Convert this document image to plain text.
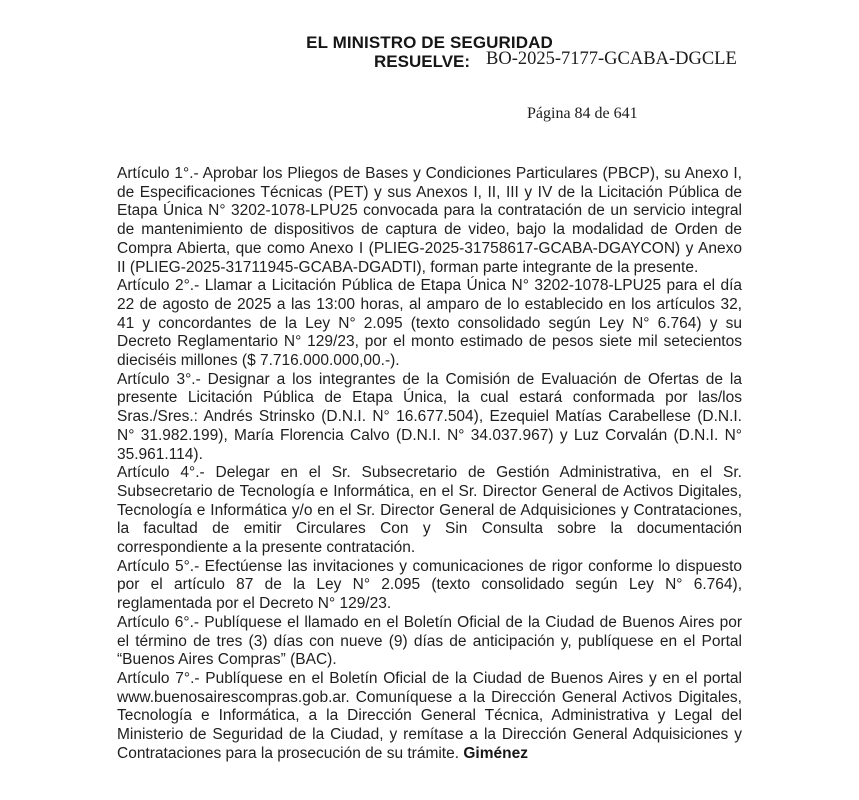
EL MINISTRO DE SEGURIDAD
RESUELVE: BO-2025-7177-GCABA-DGCLE
Página 84 de 641

Artículo 1°.- Aprobar los Pliegos de Bases y Condiciones Particulares (PBCP), su Anexo I, de Especificaciones Técnicas (PET) y sus Anexos I, II, III y IV de la Licitación Pública de Etapa Única N° 3202-1078-LPU25 convocada para la contratación de un servicio integral de mantenimiento de dispositivos de captura de video, bajo la modalidad de Orden de Compra Abierta, que como Anexo I (PLIEG-2025-31758617-GCABA-DGAYCON) y Anexo II (PLIEG-2025-31711945-GCABA-DGADTI), forman parte integrante de la presente.

Artículo 2°.- Llamar a Licitación Pública de Etapa Única N° 3202-1078-LPU25 para el día 22 de agosto de 2025 a las 13:00 horas, al amparo de lo establecido en los artículos 32, 41 y concordantes de la Ley N° 2.095 (texto consolidado según Ley N° 6.764) y su Decreto Reglamentario N° 129/23, por el monto estimado de pesos siete mil setecientos dieciséis millones ($ 7.716.000.000,00.-).

Artículo 3°.- Designar a los integrantes de la Comisión de Evaluación de Ofertas de la presente Licitación Pública de Etapa Única, la cual estará conformada por las/los Sras./Sres.: Andrés Strinsko (D.N.I. N° 16.677.504), Ezequiel Matías Carabellese (D.N.I. N° 31.982.199), María Florencia Calvo (D.N.I. N° 34.037.967) y Luz Corvalán (D.N.I. N° 35.961.114).

Artículo 4°.- Delegar en el Sr. Subsecretario de Gestión Administrativa, en el Sr. Subsecretario de Tecnología e Informática, en el Sr. Director General de Activos Digitales, Tecnología e Informática y/o en el Sr. Director General de Adquisiciones y Contrataciones, la facultad de emitir Circulares Con y Sin Consulta sobre la documentación correspondiente a la presente contratación.

Artículo 5°.- Efectúense las invitaciones y comunicaciones de rigor conforme lo dispuesto por el artículo 87 de la Ley N° 2.095 (texto consolidado según Ley N° 6.764), reglamentada por el Decreto N° 129/23.

Artículo 6°.- Publíquese el llamado en el Boletín Oficial de la Ciudad de Buenos Aires por el término de tres (3) días con nueve (9) días de anticipación y, publíquese en el Portal “Buenos Aires Compras” (BAC).

Artículo 7°.- Publíquese en el Boletín Oficial de la Ciudad de Buenos Aires y en el portal www.buenosairescompras.gob.ar. Comuníquese a la Dirección General Activos Digitales, Tecnología e Informática, a la Dirección General Técnica, Administrativa y Legal del Ministerio de Seguridad de la Ciudad, y remítase a la Dirección General Adquisiciones y Contrataciones para la prosecución de su trámite. Giménez
